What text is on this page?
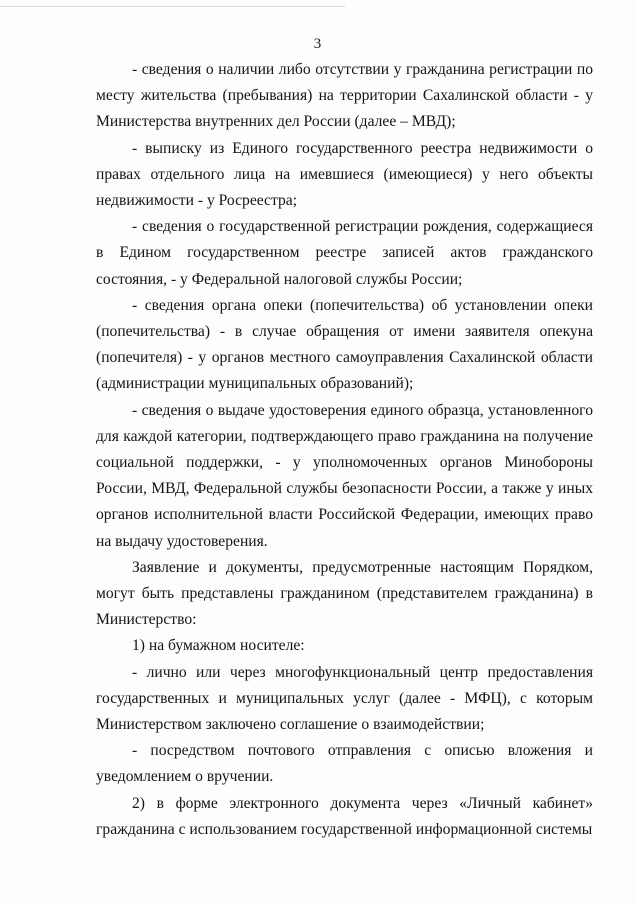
3

- сведения о наличии либо отсутствии у гражданина регистрации по месту жительства (пребывания) на территории Сахалинской области - у Министерства внутренних дел России (далее – МВД);

- выписку из Единого государственного реестра недвижимости о правах отдельного лица на имевшиеся (имеющиеся) у него объекты недвижимости - у Росреестра;

- сведения о государственной регистрации рождения, содержащиеся в Едином государственном реестре записей актов гражданского состояния, - у Федеральной налоговой службы России;

- сведения органа опеки (попечительства) об установлении опеки (попечительства) - в случае обращения от имени заявителя опекуна (попечителя) - у органов местного самоуправления Сахалинской области (администрации муниципальных образований);

- сведения о выдаче удостоверения единого образца, установленного для каждой категории, подтверждающего право гражданина на получение социальной поддержки, - у уполномоченных органов Минобороны России, МВД, Федеральной службы безопасности России, а также у иных органов исполнительной власти Российской Федерации, имеющих право на выдачу удостоверения.

Заявление и документы, предусмотренные настоящим Порядком, могут быть представлены гражданином (представителем гражданина) в Министерство:

1) на бумажном носителе:

- лично или через многофункциональный центр предоставления государственных и муниципальных услуг (далее - МФЦ), с которым Министерством заключено соглашение о взаимодействии;

- посредством почтового отправления с описью вложения и уведомлением о вручении.

2) в форме электронного документа через «Личный кабинет» гражданина с использованием государственной информационной системы
